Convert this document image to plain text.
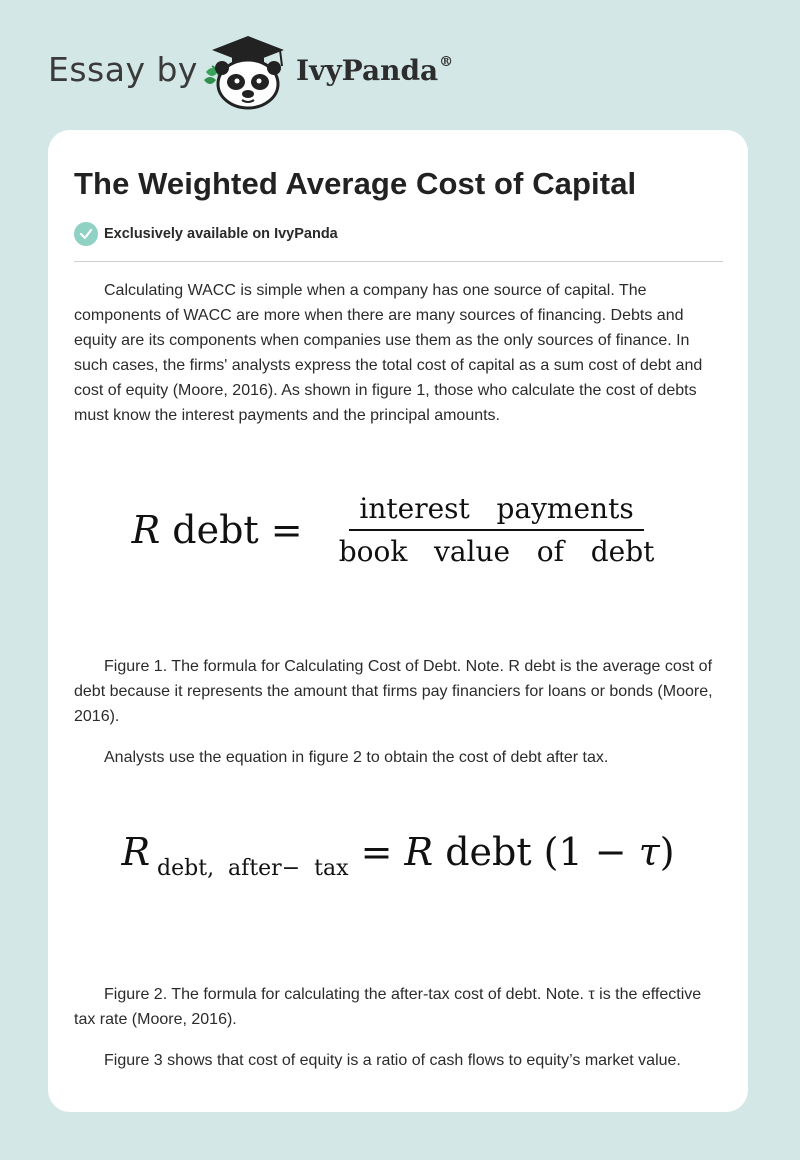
Essay by	IvyPanda®
The Weighted Average Cost of Capital
Exclusively available on IvyPanda

Calculating WACC is simple when a company has one source of capital. The components of WACC are more when there are many sources of financing. Debts and equity are its components when companies use them as the only sources of finance. In such cases, the firms' analysts express the total cost of capital as a sum cost of debt and cost of equity (Moore, 2016). As shown in figure 1, those who calculate the cost of debts must know the interest payments and the principal amounts.

R debt = $\frac{\text{interest   payments}}{\text{book   value   of   debt}}$

Figure 1. The formula for Calculating Cost of Debt. Note. R debt is the average cost of debt because it represents the amount that firms pay financiers for loans or bonds (Moore, 2016).

Analysts use the equation in figure 2 to obtain the cost of debt after tax.

R $_{debt, after- tax}$ = R debt (1 − τ)

Figure 2. The formula for calculating the after-tax cost of debt. Note. τ is the effective tax rate (Moore, 2016).

Figure 3 shows that cost of equity is a ratio of cash flows to equity’s market value.
